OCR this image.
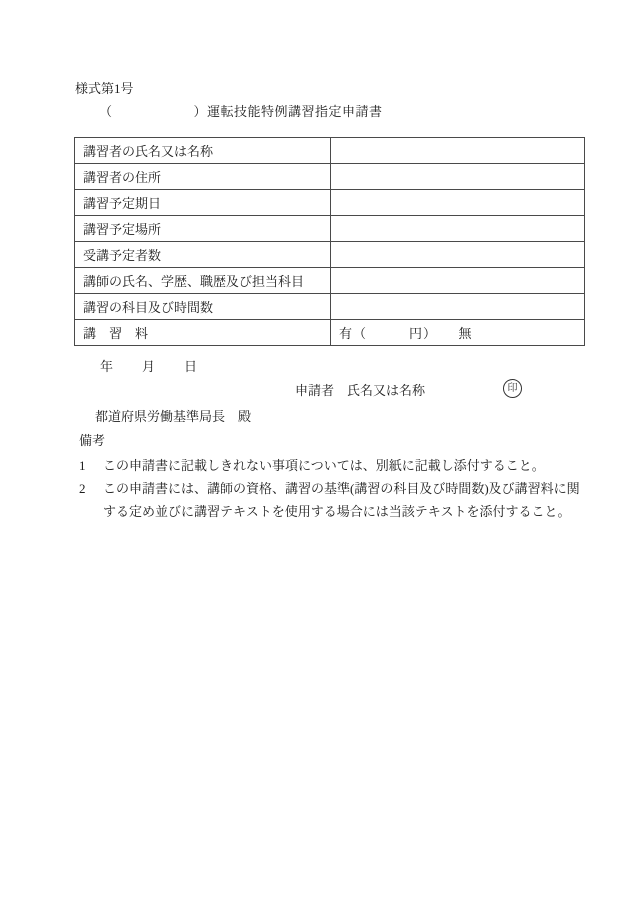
様式第1号
（　　　　　　）運転技能特例講習指定申請書
講習者の氏名又は名称	
講習者の住所	
講習予定期日	
講習予定場所	
受講予定者数	
講師の氏名、学歴、職歴及び担当科目	
講習の科目及び時間数	
講　習　料	有（　　　円）　　無
年　　月　　日
申請者　氏名又は名称	印
都道府県労働基準局長　殿
備考
1	この申請書に記載しきれない事項については、別紙に記載し添付すること。
2	この申請書には、講師の資格、講習の基準(講習の科目及び時間数)及び講習料に関する定め並びに講習テキストを使用する場合には当該テキストを添付すること。
